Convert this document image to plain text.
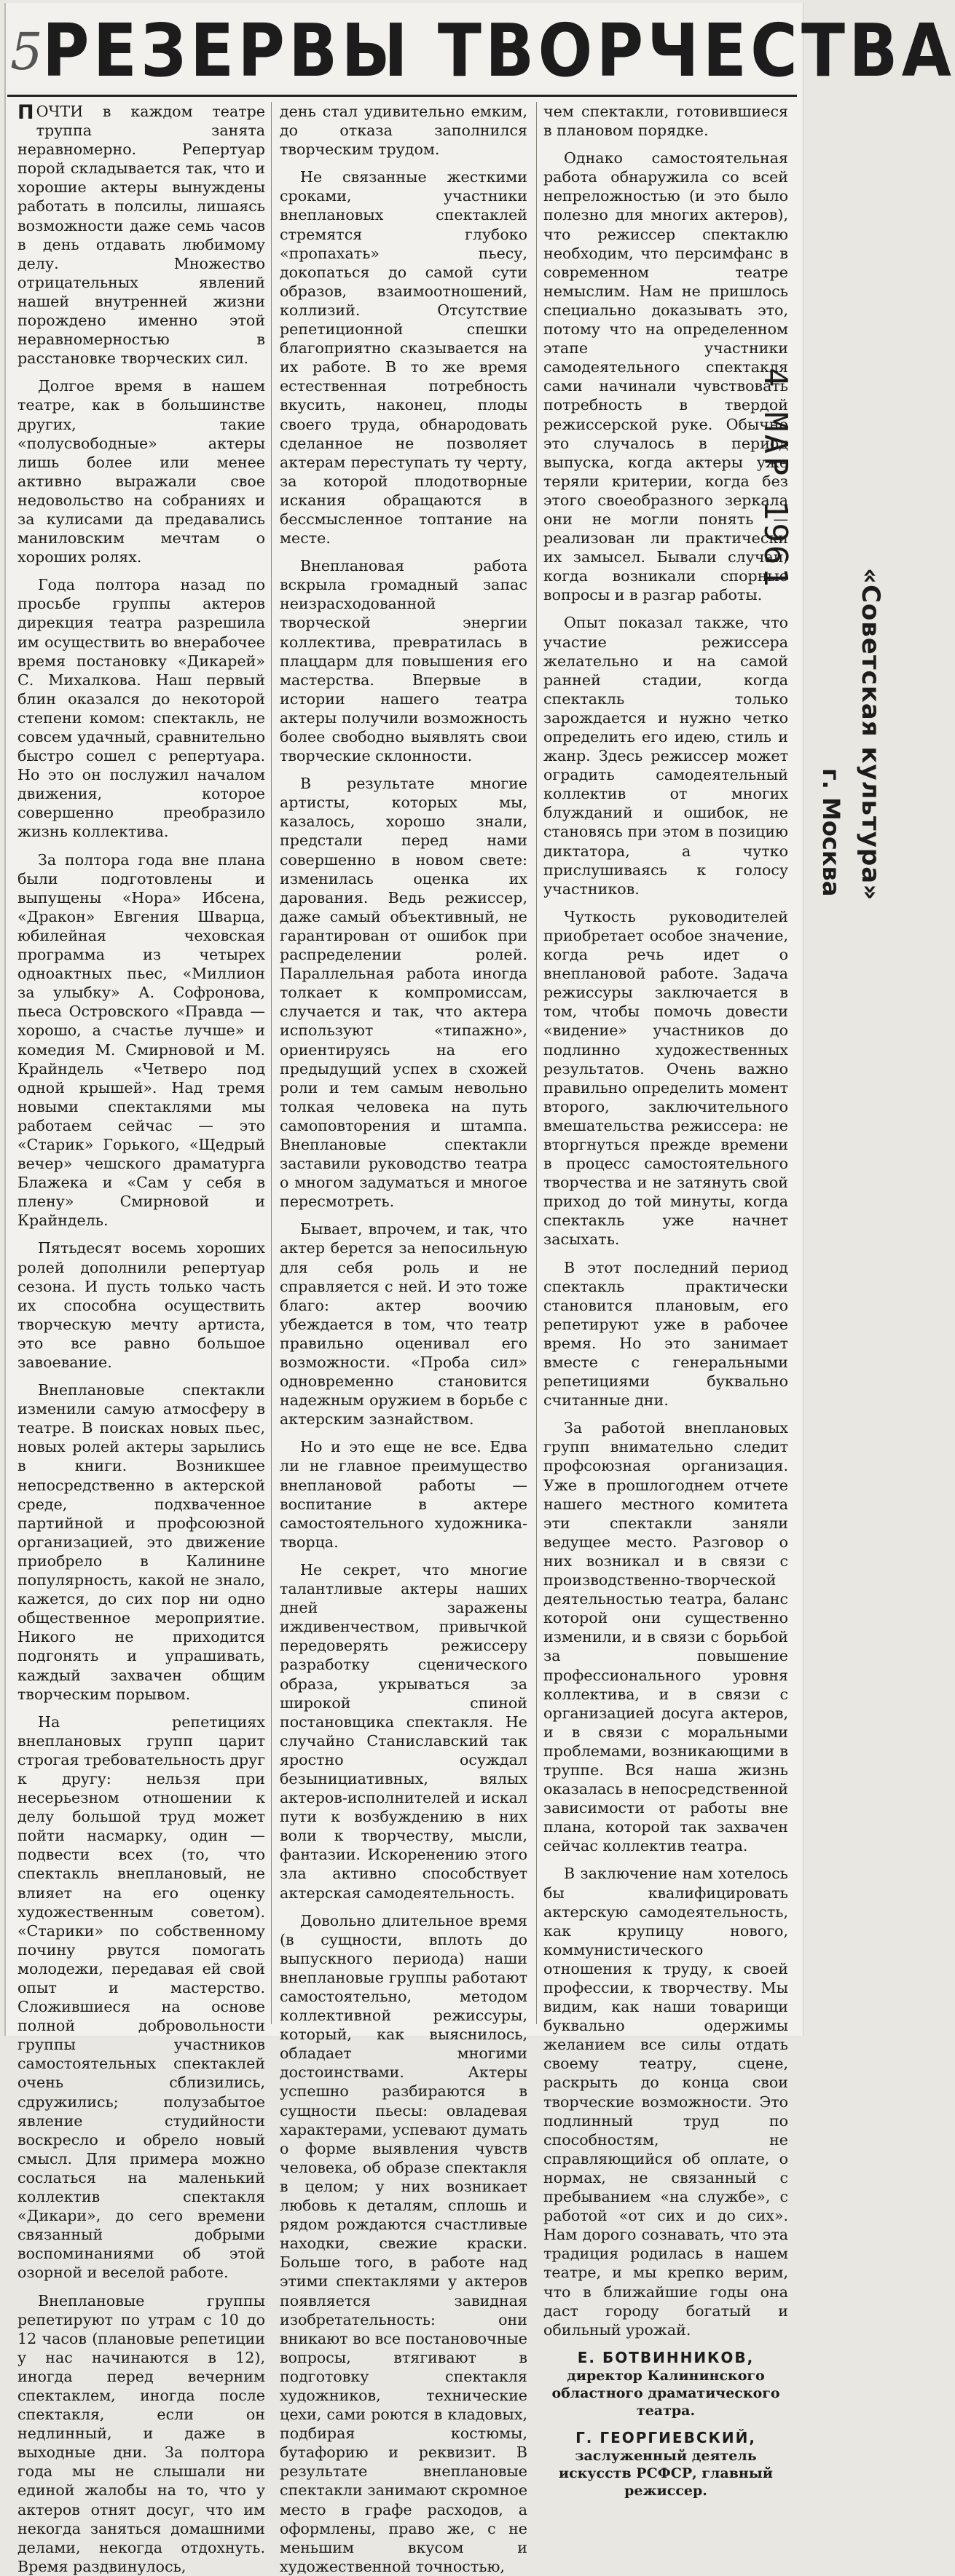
5 РЕЗЕРВЫ ТВОРЧЕСТВА

П ОЧТИ в каждом театре труппа занята неравномерно. Репертуар порой складывается так, что и хорошие актеры вынуждены работать в полсилы, лишаясь возможности даже семь часов в день отдавать любимому делу. Множество отрицательных явлений нашей внутренней жизни порождено именно этой неравномерностью в расстановке творческих сил.

Долгое время в нашем театре, как в большинстве других, такие «полусвободные» актеры лишь более или менее активно выражали свое недовольство на собраниях и за кулисами да предавались маниловским мечтам о хороших ролях.

Года полтора назад по просьбе группы актеров дирекция театра разрешила им осуществить во внерабочее время постановку «Дикарей» С. Михалкова. Наш первый блин оказался до некоторой степени комом: спектакль, не совсем удачный, сравнительно быстро сошел с репертуара. Но это он послужил началом движения, которое совершенно преобразило жизнь коллектива.

За полтора года вне плана были подготовлены и выпущены «Нора» Ибсена, «Дракон» Евгения Шварца, юбилейная чеховская программа из четырех одноактных пьес, «Миллион за улыбку» А. Софронова, пьеса Островского «Правда — хорошо, а счастье лучше» и комедия М. Смирновой и М. Крайндель «Четверо под одной крышей». Над тремя новыми спектаклями мы работаем сейчас — это «Старик» Горького, «Щедрый вечер» чешского драматурга Блажека и «Сам у себя в плену» Смирновой и Крайндель.

Пятьдесят восемь хороших ролей дополнили репертуар сезона. И пусть только часть их способна осуществить творческую мечту артиста, это все равно большое завоевание.

Внеплановые спектакли изменили самую атмосферу в театре. В поисках новых пьес, новых ролей актеры зарылись в книги. Возникшее непосредственно в актерской среде, подхваченное партийной и профсоюзной организацией, это движение приобрело в Калинине популярность, какой не знало, кажется, до сих пор ни одно общественное мероприятие. Никого не приходится подгонять и упрашивать, каждый захвачен общим творческим порывом.

На репетициях внеплановых групп царит строгая требовательность друг к другу: нельзя при несерьезном отношении к делу большой труд может пойти насмарку, один — подвести всех (то, что спектакль внеплановый, не влияет на его оценку художественным советом). «Старики» по собственному почину рвутся помогать молодежи, передавая ей свой опыт и мастерство. Сложившиеся на основе полной добровольности группы участников самостоятельных спектаклей очень сблизились, сдружились; полузабытое явление студийности воскресло и обрело новый смысл. Для примера можно сослаться на маленький коллектив спектакля «Дикари», до сего времени связанный добрыми воспоминаниями об этой озорной и веселой работе.

Внеплановые группы репетируют по утрам с 10 до 12 часов (плановые репетиции у нас начинаются в 12), иногда перед вечерним спектаклем, иногда после спектакля, если он недлинный, и даже в выходные дни. За полтора года мы не слышали ни единой жалобы на то, что у актеров отнят досуг, что им некогда заняться домашними делами, некогда отдохнуть. Время раздвинулось,

день стал удивительно емким, до отказа заполнился творческим трудом.

Не связанные жесткими сроками, участники внеплановых спектаклей стремятся глубоко «пропахать» пьесу, докопаться до самой сути образов, взаимоотношений, коллизий. Отсутствие репетиционной спешки благоприятно сказывается на их работе. В то же время естественная потребность вкусить, наконец, плоды своего труда, обнародовать сделанное не позволяет актерам переступать ту черту, за которой плодотворные искания обращаются в бессмысленное топтание на месте.

Внеплановая работа вскрыла громадный запас неизрасходованной творческой энергии коллектива, превратилась в плацдарм для повышения его мастерства. Впервые в истории нашего театра актеры получили возможность более свободно выявлять свои творческие склонности.

В результате многие артисты, которых мы, казалось, хорошо знали, предстали перед нами совершенно в новом свете: изменилась оценка их дарования. Ведь режиссер, даже самый объективный, не гарантирован от ошибок при распределении ролей. Параллельная работа иногда толкает к компромиссам, случается и так, что актера используют «типажно», ориентируясь на его предыдущий успех в схожей роли и тем самым невольно толкая человека на путь самоповторения и штампа. Внеплановые спектакли заставили руководство театра о многом задуматься и многое пересмотреть.

Бывает, впрочем, и так, что актер берется за непосильную для себя роль и не справляется с ней. И это тоже благо: актер воочию убеждается в том, что театр правильно оценивал его возможности. «Проба сил» одновременно становится надежным оружием в борьбе с актерским зазнайством.

Но и это еще не все. Едва ли не главное преимущество внеплановой работы — воспитание в актере самостоятельного художника-творца.

Не секрет, что многие талантливые актеры наших дней заражены иждивенчеством, привычкой передоверять режиссеру разработку сценического образа, укрываться за широкой спиной постановщика спектакля. Не случайно Станиславский так яростно осуждал безынициативных, вялых актеров-исполнителей и искал пути к возбуждению в них воли к творчеству, мысли, фантазии. Искоренению этого зла активно способствует актерская самодеятельность.

Довольно длительное время (в сущности, вплоть до выпускного периода) наши внеплановые группы работают самостоятельно, методом коллективной режиссуры, который, как выяснилось, обладает многими достоинствами. Актеры успешно разбираются в сущности пьесы: овладевая характерами, успевают думать о форме выявления чувств человека, об образе спектакля в целом; у них возникает любовь к деталям, сплошь и рядом рождаются счастливые находки, свежие краски. Больше того, в работе над этими спектаклями у актеров появляется завидная изобретательность: они вникают во все постановочные вопросы, втягивают в подготовку спектакля художников, технические цехи, сами роются в кладовых, подбирая костюмы, бутафорию и реквизит. В результате внеплановые спектакли занимают скромное место в графе расходов, а оформлены, право же, с не меньшим вкусом и художественной точностью,

чем спектакли, готовившиеся в плановом порядке.

Однако самостоятельная работа обнаружила со всей непреложностью (и это было полезно для многих актеров), что режиссер спектаклю необходим, что персимфанс в современном театре немыслим. Нам не пришлось специально доказывать это, потому что на определенном этапе участники самодеятельного спектакля сами начинали чувствовать потребность в твердой режиссерской руке. Обычно это случалось в период выпуска, когда актеры уже теряли критерии, когда без этого своеобразного зеркала они не могли понять — реализован ли практически их замысел. Бывали случаи, когда возникали спорные вопросы и в разгар работы.

Опыт показал также, что участие режиссера желательно и на самой ранней стадии, когда спектакль только зарождается и нужно четко определить его идею, стиль и жанр. Здесь режиссер может оградить самодеятельный коллектив от многих блужданий и ошибок, не становясь при этом в позицию диктатора, а чутко прислушиваясь к голосу участников.

Чуткость руководителей приобретает особое значение, когда речь идет о внеплановой работе. Задача режиссуры заключается в том, чтобы помочь довести «видение» участников до подлинно художественных результатов. Очень важно правильно определить момент второго, заключительного вмешательства режиссера: не вторгнуться прежде времени в процесс самостоятельного творчества и не затянуть свой приход до той минуты, когда спектакль уже начнет засыхать.

В этот последний период спектакль практически становится плановым, его репетируют уже в рабочее время. Но это занимает вместе с генеральными репетициями буквально считанные дни.

За работой внеплановых групп внимательно следит профсоюзная организация. Уже в прошлогоднем отчете нашего местного комитета эти спектакли заняли ведущее место. Разговор о них возникал и в связи с производственно-творческой деятельностью театра, баланс которой они существенно изменили, и в связи с борьбой за повышение профессионального уровня коллектива, и в связи с организацией досуга актеров, и в связи с моральными проблемами, возникающими в труппе. Вся наша жизнь оказалась в непосредственной зависимости от работы вне плана, которой так захвачен сейчас коллектив театра.

В заключение нам хотелось бы квалифицировать актерскую самодеятельность, как крупицу нового, коммунистического отношения к труду, к своей профессии, к творчеству. Мы видим, как наши товарищи буквально одержимы желанием все силы отдать своему театру, сцене, раскрыть до конца свои творческие возможности. Это подлинный труд по способностям, не справляющийся об оплате, о нормах, не связанный с пребыванием «на службе», с работой «от сих и до сих». Нам дорого сознавать, что эта традиция родилась в нашем театре, и мы крепко верим, что в ближайшие годы она даст городу богатый и обильный урожай.

Е. БОТВИННИКОВ,
директор Калининского областного драматического театра.
Г. ГЕОРГИЕВСКИЙ,
заслуженный деятель искусств РСФСР, главный режиссер.
4 МАР 1961
«Советская культура»
г. Москва
